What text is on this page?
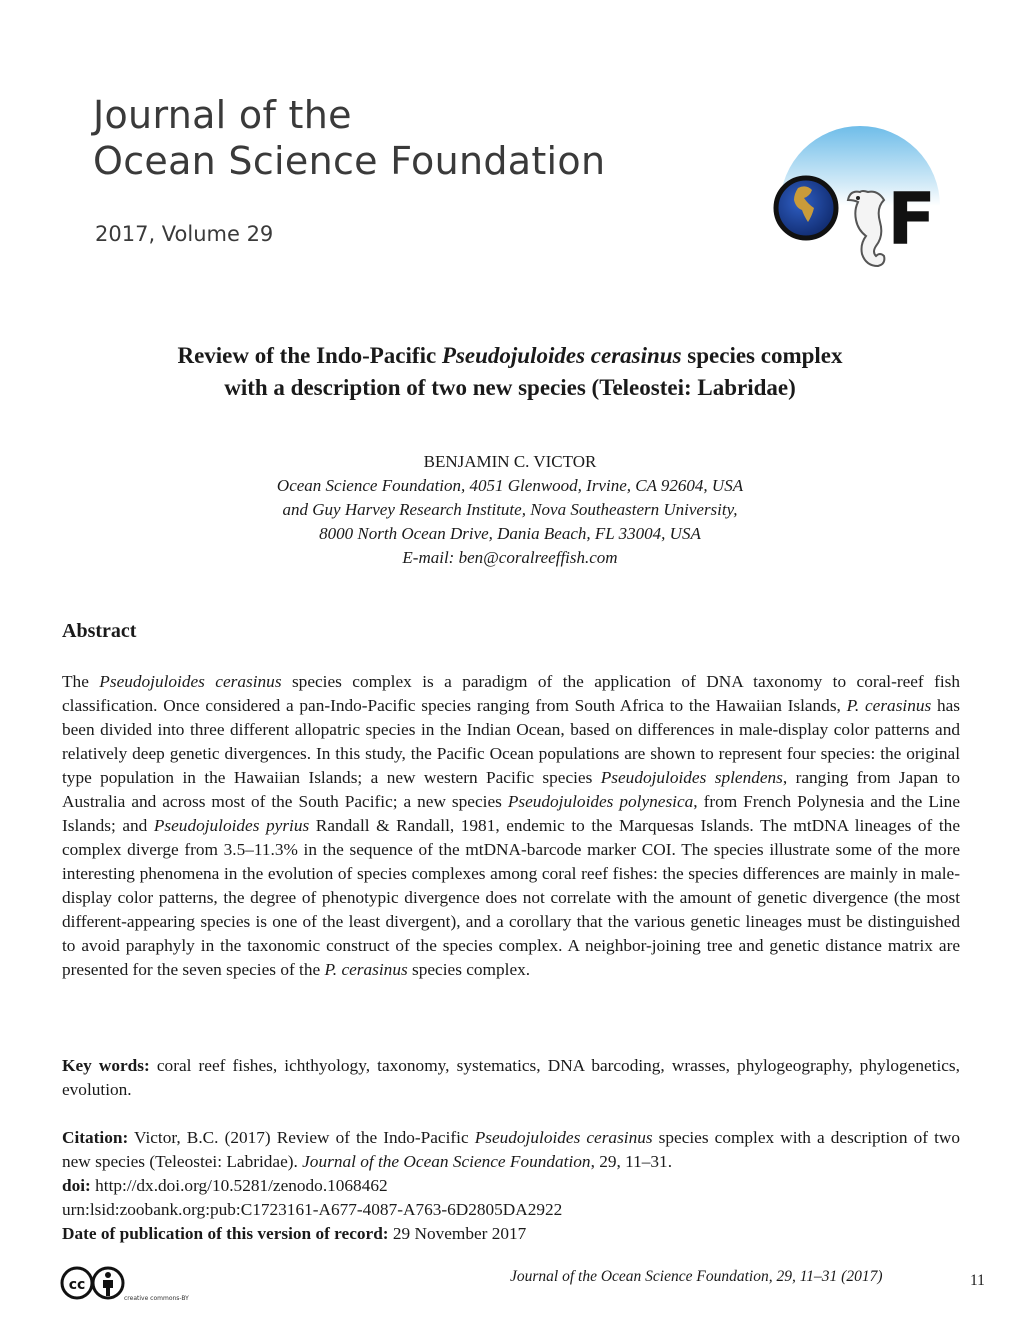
Journal of the
Ocean Science Foundation
2017, Volume 29	F
Review of the Indo-Pacific Pseudojuloides cerasinus species complex
with a description of two new species (Teleostei: Labridae)
BENJAMIN C. VICTOR
Ocean Science Foundation, 4051 Glenwood, Irvine, CA 92604, USA
and Guy Harvey Research Institute, Nova Southeastern University,
8000 North Ocean Drive, Dania Beach, FL 33004, USA
E-mail: ben@coralreeffish.com
Abstract
The Pseudojuloides cerasinus species complex is a paradigm of the application of DNA taxonomy to coral-reef fish classification. Once considered a pan-Indo-Pacific species ranging from South Africa to the Hawaiian Islands, P. cerasinus has been divided into three different allopatric species in the Indian Ocean, based on differences in male-display color patterns and relatively deep genetic divergences. In this study, the Pacific Ocean populations are shown to represent four species: the original type population in the Hawaiian Islands; a new western Pacific species Pseudojuloides splendens, ranging from Japan to Australia and across most of the South Pacific; a new species Pseudojuloides polynesica, from French Polynesia and the Line Islands; and Pseudojuloides pyrius Randall & Randall, 1981, endemic to the Marquesas Islands. The mtDNA lineages of the complex diverge from 3.5–11.3% in the sequence of the mtDNA-barcode marker COI. The species illustrate some of the more interesting phenomena in the evolution of species complexes among coral reef fishes: the species differences are mainly in male-display color patterns, the degree of phenotypic divergence does not correlate with the amount of genetic divergence (the most different-appearing species is one of the least divergent), and a corollary that the various genetic lineages must be distinguished to avoid paraphyly in the taxonomic construct of the species complex. A neighbor-joining tree and genetic distance matrix are presented for the seven species of the P. cerasinus species complex.
Key words: coral reef fishes, ichthyology, taxonomy, systematics, DNA barcoding, wrasses, phylogeography, phylogenetics, evolution.
Citation: Victor, B.C. (2017) Review of the Indo-Pacific Pseudojuloides cerasinus species complex with a description of two new species (Teleostei: Labridae). Journal of the Ocean Science Foundation, 29, 11–31.
doi: http://dx.doi.org/10.5281/zenodo.1068462
urn:lsid:zoobank.org:pub:C1723161-A677-4087-A763-6D2805DA2922
Date of publication of this version of record: 29 November 2017
cc
creative commons-BY
Journal of the Ocean Science Foundation, 29, 11–31 (2017)	11
